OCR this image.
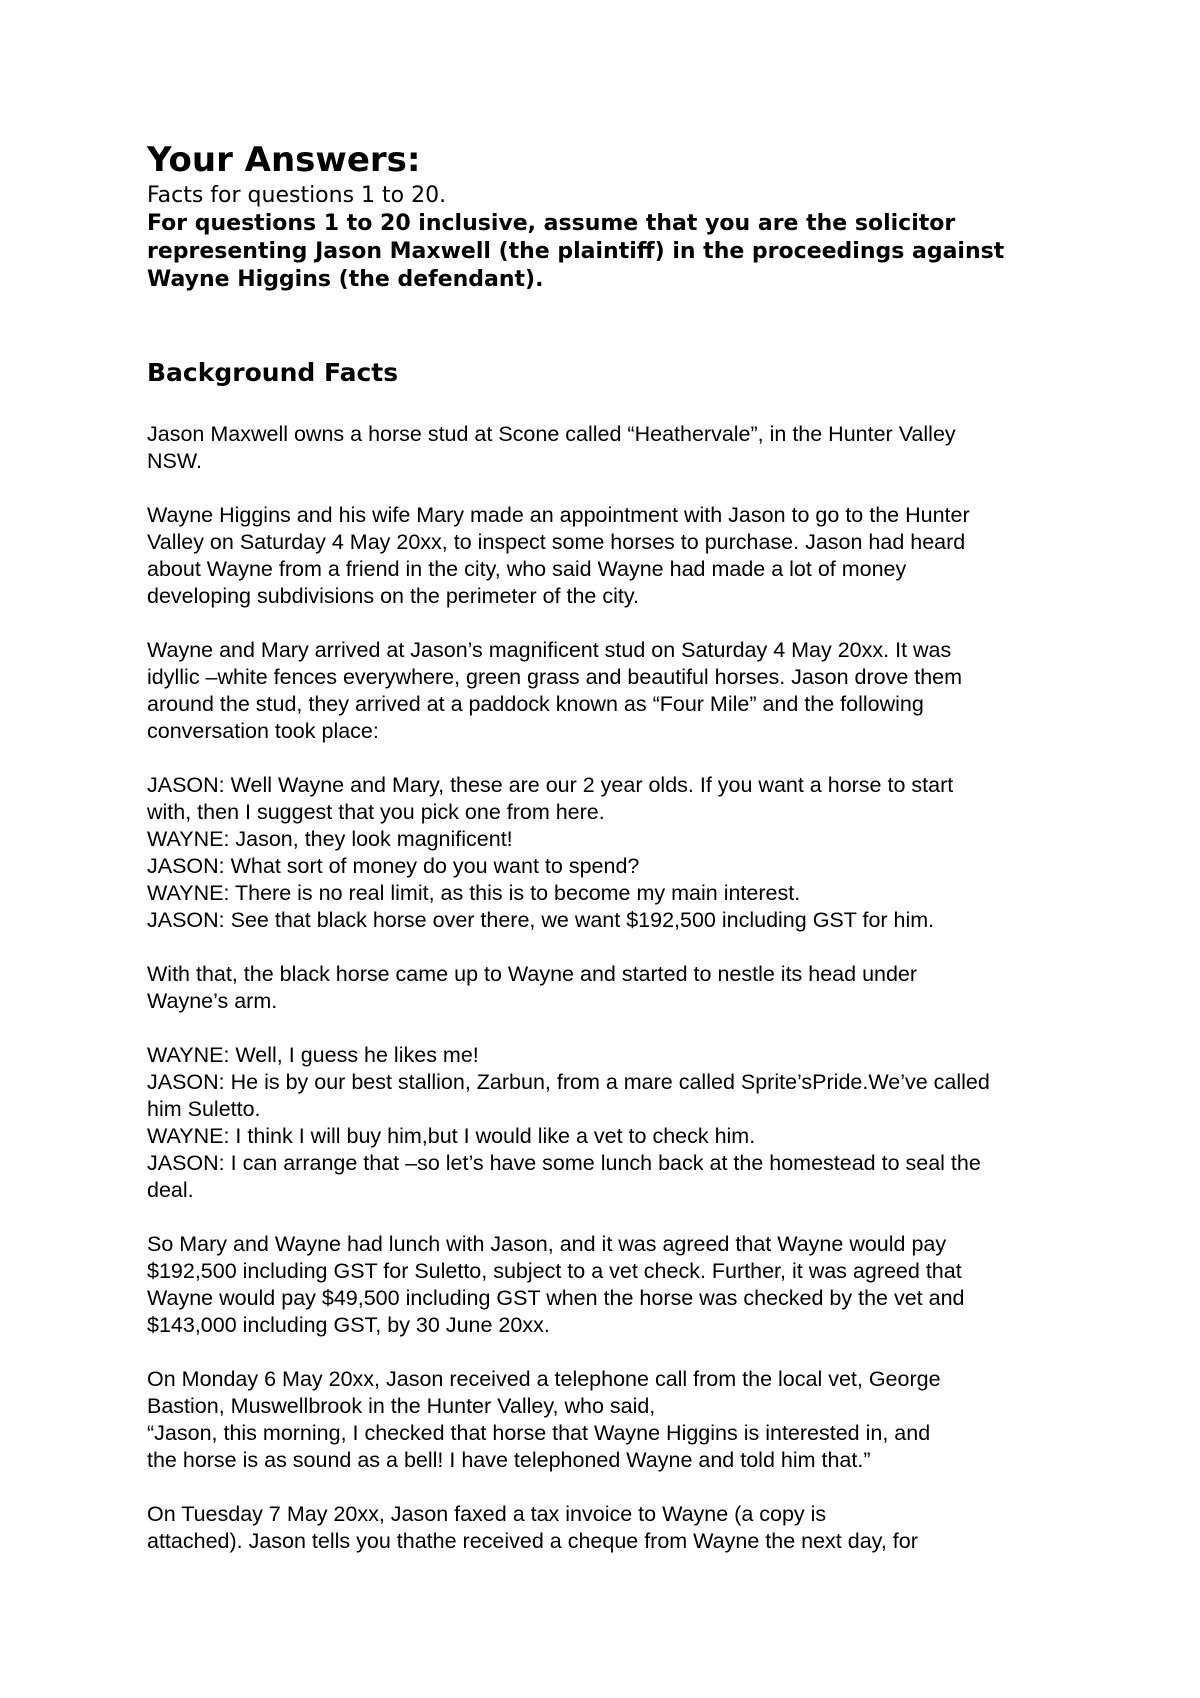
Your Answers:

Facts for questions 1 to 20.

For questions 1 to 20 inclusive, assume that you are the solicitor
representing Jason Maxwell (the plaintiff) in the proceedings against
Wayne Higgins (the defendant).

Background Facts

Jason Maxwell owns a horse stud at Scone called “Heathervale”, in the Hunter Valley
NSW.

Wayne Higgins and his wife Mary made an appointment with Jason to go to the Hunter
Valley on Saturday 4 May 20xx, to inspect some horses to purchase. Jason had heard
about Wayne from a friend in the city, who said Wayne had made a lot of money
developing subdivisions on the perimeter of the city.

Wayne and Mary arrived at Jason’s magnificent stud on Saturday 4 May 20xx. It was
idyllic –white fences everywhere, green grass and beautiful horses. Jason drove them
around the stud, they arrived at a paddock known as “Four Mile” and the following
conversation took place:

JASON: Well Wayne and Mary, these are our 2 year olds. If you want a horse to start
with, then I suggest that you pick one from here.
WAYNE: Jason, they look magnificent!
JASON: What sort of money do you want to spend?
WAYNE: There is no real limit, as this is to become my main interest.
JASON: See that black horse over there, we want $192,500 including GST for him.

With that, the black horse came up to Wayne and started to nestle its head under
Wayne’s arm.

WAYNE: Well, I guess he likes me!
JASON: He is by our best stallion, Zarbun, from a mare called Sprite’sPride.We’ve called
him Suletto.
WAYNE: I think I will buy him,but I would like a vet to check him.
JASON: I can arrange that –so let’s have some lunch back at the homestead to seal the
deal.

So Mary and Wayne had lunch with Jason, and it was agreed that Wayne would pay
$192,500 including GST for Suletto, subject to a vet check. Further, it was agreed that
Wayne would pay $49,500 including GST when the horse was checked by the vet and
$143,000 including GST, by 30 June 20xx.

On Monday 6 May 20xx, Jason received a telephone call from the local vet, George
Bastion, Muswellbrook in the Hunter Valley, who said,
“Jason, this morning, I checked that horse that Wayne Higgins is interested in, and
the horse is as sound as a bell! I have telephoned Wayne and told him that.”

On Tuesday 7 May 20xx, Jason faxed a tax invoice to Wayne (a copy is
attached). Jason tells you thathe received a cheque from Wayne the next day, for
